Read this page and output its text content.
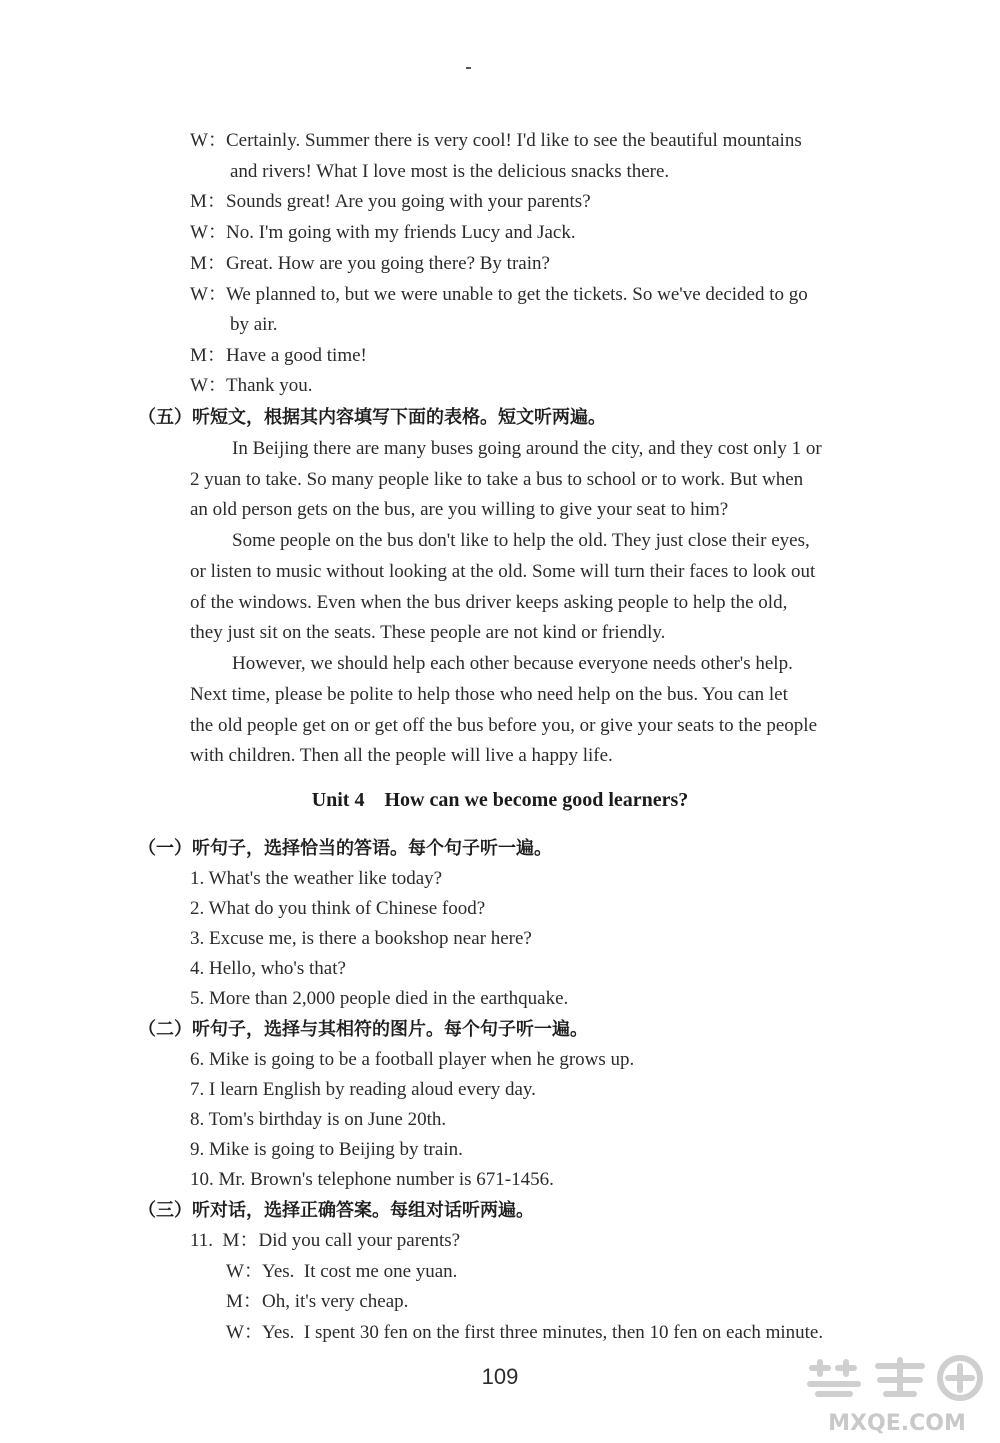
W：Certainly. Summer there is very cool! I'd like to see the beautiful mountains
and rivers! What I love most is the delicious snacks there.
M：Sounds great! Are you going with your parents?
W：No. I'm going with my friends Lucy and Jack.
M：Great. How are you going there? By train?
W：We planned to, but we were unable to get the tickets. So we've decided to go
by air.
M：Have a good time!
W：Thank you.
（五）听短文，根据其内容填写下面的表格。短文听两遍。
In Beijing there are many buses going around the city, and they cost only 1 or
2 yuan to take. So many people like to take a bus to school or to work. But when
an old person gets on the bus, are you willing to give your seat to him?
Some people on the bus don't like to help the old. They just close their eyes,
or listen to music without looking at the old. Some will turn their faces to look out
of the windows. Even when the bus driver keeps asking people to help the old,
they just sit on the seats. These people are not kind or friendly.
However, we should help each other because everyone needs other's help.
Next time, please be polite to help those who need help on the bus. You can let
the old people get on or get off the bus before you, or give your seats to the people
with children. Then all the people will live a happy life.
Unit 4    How can we become good learners?
（一）听句子，选择恰当的答语。每个句子听一遍。
1. What's the weather like today?
2. What do you think of Chinese food?
3. Excuse me, is there a bookshop near here?
4. Hello, who's that?
5. More than 2,000 people died in the earthquake.
（二）听句子，选择与其相符的图片。每个句子听一遍。
6. Mike is going to be a football player when he grows up.
7. I learn English by reading aloud every day.
8. Tom's birthday is on June 20th.
9. Mike is going to Beijing by train.
10. Mr. Brown's telephone number is 671-1456.
（三）听对话，选择正确答案。每组对话听两遍。
11.  M：Did you call your parents?
W：Yes.  It cost me one yuan.
M：Oh, it's very cheap.
W：Yes.  I spent 30 fen on the first three minutes, then 10 fen on each minute.
109
MXQE.COM
